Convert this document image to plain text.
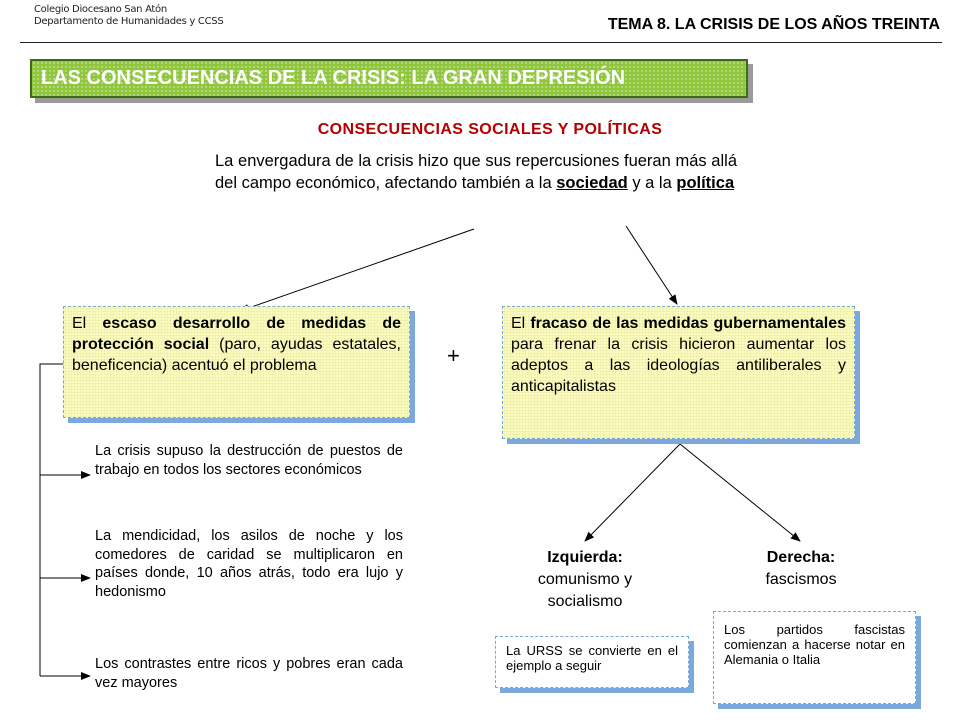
Colegio Diocesano San Atón
Departamento de Humanidades y CCSS	TEMA 8. LA CRISIS DE LOS AÑOS TREINTA
LAS CONSECUENCIAS DE LA CRISIS: LA GRAN DEPRESIÓN
CONSECUENCIAS SOCIALES Y POLÍTICAS
La envergadura de la crisis hizo que sus repercusiones fueran más allá del campo económico, afectando también a la sociedad y a la política
El escaso desarrollo de medidas de protección social (paro, ayudas estatales, beneficencia) acentuó el problema	+
El fracaso de las medidas gubernamentales para frenar la crisis hicieron aumentar los adeptos a las ideologías antiliberales y anticapitalistas
La crisis supuso la destrucción de puestos de trabajo en todos los sectores económicos
La mendicidad, los asilos de noche y los comedores de caridad se multiplicaron en países donde, 10 años atrás, todo era lujo y hedonismo
Los contrastes entre ricos y pobres eran cada vez mayores
Izquierda:
comunismo y
socialismo
Derecha:
fascismos
La URSS se convierte en el ejemplo a seguir
Los partidos fascistas comienzan a hacerse notar en Alemania o Italia
